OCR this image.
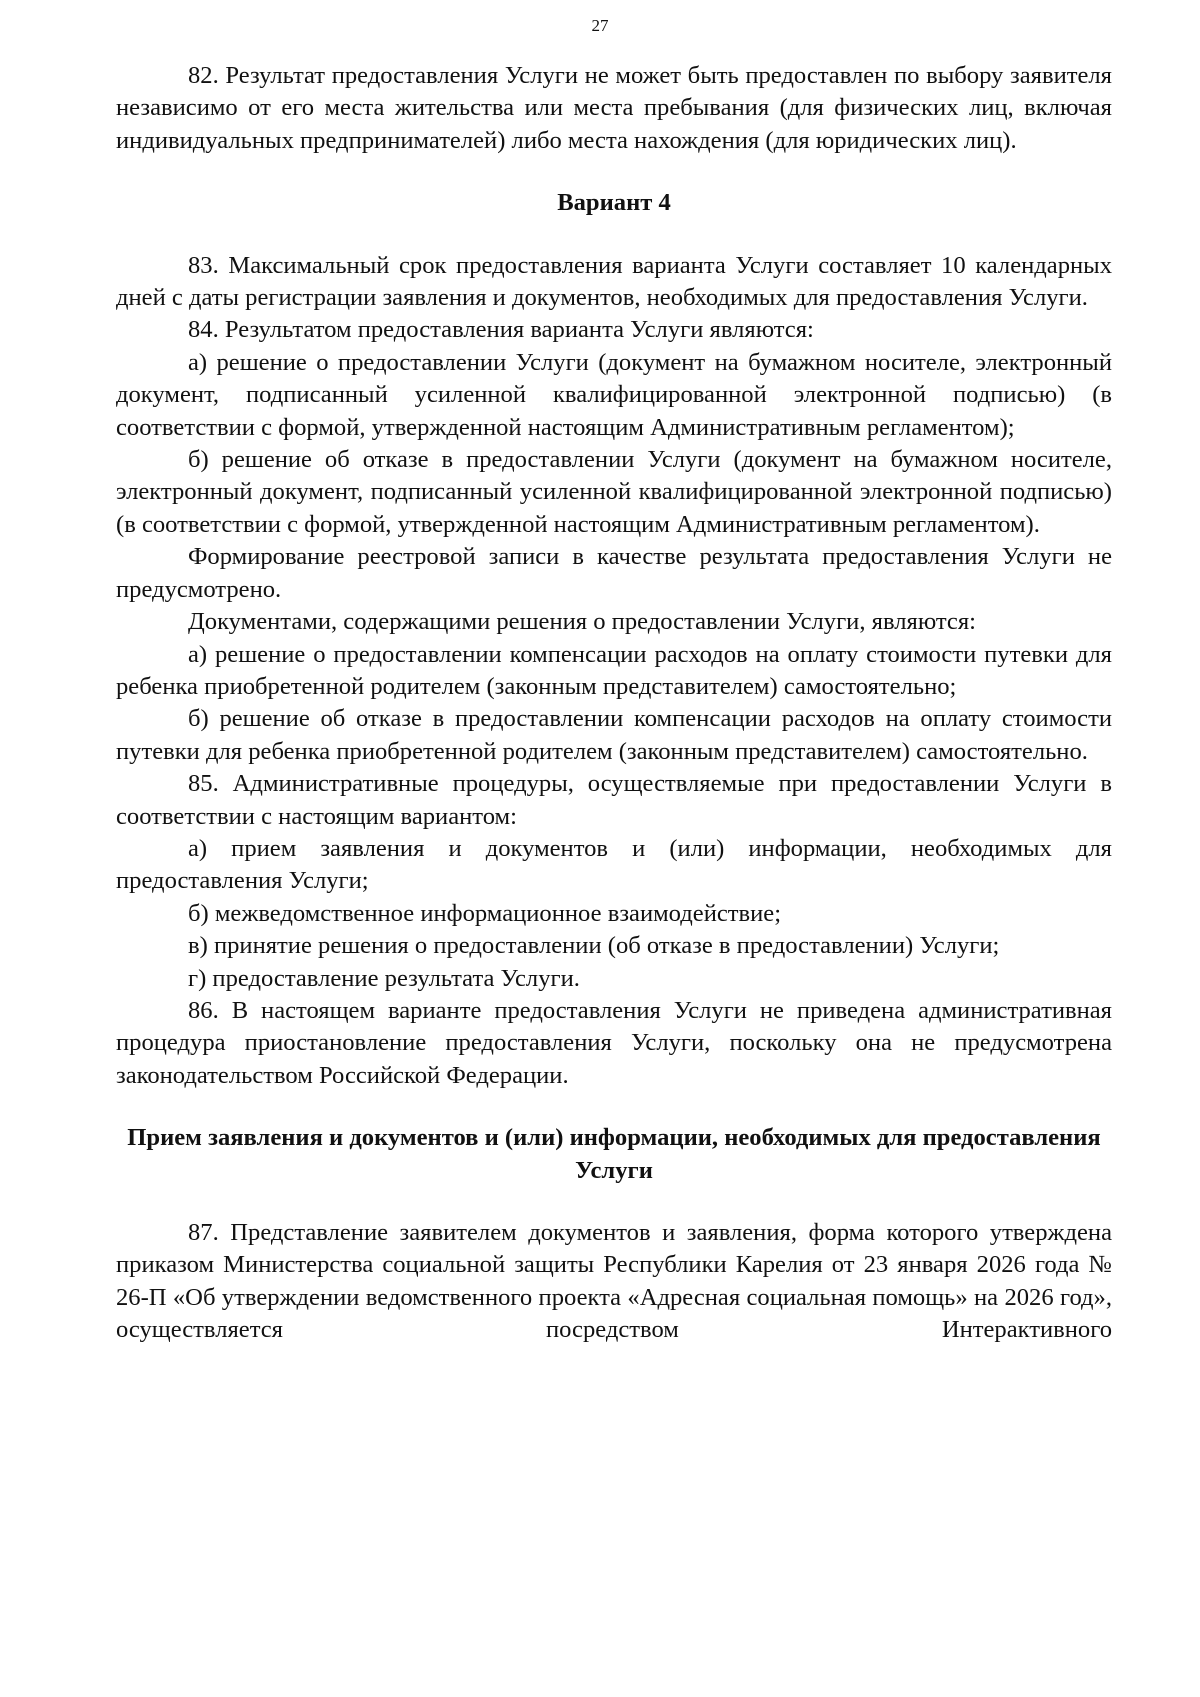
27

82. Результат предоставления Услуги не может быть предоставлен по выбору заявителя независимо от его места жительства или места пребывания (для физических лиц, включая индивидуальных предпринимателей) либо места нахождения (для юридических лиц).

Вариант 4

83. Максимальный срок предоставления варианта Услуги составляет 10 календарных дней с даты регистрации заявления и документов, необходимых для предоставления Услуги.

84. Результатом предоставления варианта Услуги являются:

а) решение о предоставлении Услуги (документ на бумажном носителе, электронный документ, подписанный усиленной квалифицированной электронной подписью) (в соответствии с формой, утвержденной настоящим Административным регламентом);

б) решение об отказе в предоставлении Услуги (документ на бумажном носителе, электронный документ, подписанный усиленной квалифицированной электронной подписью) (в соответствии с формой, утвержденной настоящим Административным регламентом).

Формирование реестровой записи в качестве результата предоставления Услуги не предусмотрено.

Документами, содержащими решения о предоставлении Услуги, являются:

а) решение о предоставлении компенсации расходов на оплату стоимости путевки для ребенка приобретенной родителем (законным представителем) самостоятельно;

б) решение об отказе в предоставлении компенсации расходов на оплату стоимости путевки для ребенка приобретенной родителем (законным представителем) самостоятельно.

85. Административные процедуры, осуществляемые при предоставлении Услуги в соответствии с настоящим вариантом:

а) прием заявления и документов и (или) информации, необходимых для предоставления Услуги;

б) межведомственное информационное взаимодействие;

в) принятие решения о предоставлении (об отказе в предоставлении) Услуги;

г) предоставление результата Услуги.

86. В настоящем варианте предоставления Услуги не приведена административная процедура приостановление предоставления Услуги, поскольку она не предусмотрена законодательством Российской Федерации.

Прием заявления и документов и (или) информации, необходимых для предоставления Услуги

87. Представление заявителем документов и заявления, форма которого утверждена приказом Министерства социальной защиты Республики Карелия от 23 января 2026 года № 26-П «Об утверждении ведомственного проекта «Адресная социальная помощь» на 2026 год», осуществляется посредством Интерактивного
